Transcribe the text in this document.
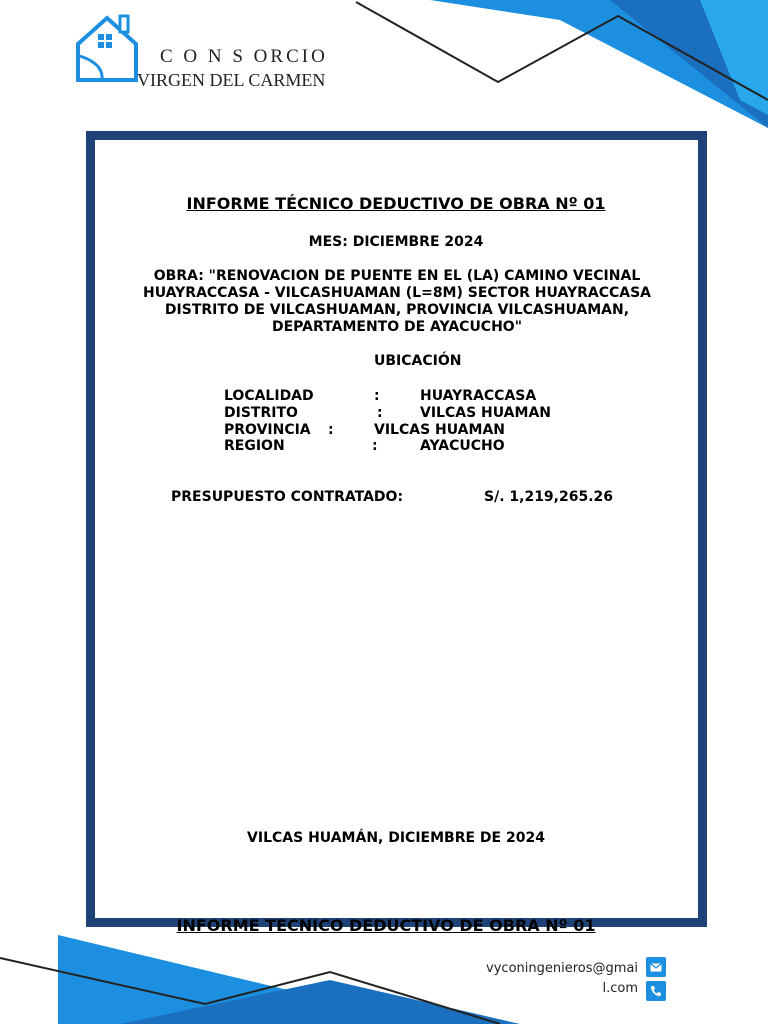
C O N S ORCIO
VIRGEN DEL CARMEN
INFORME TÉCNICO DEDUCTIVO DE OBRA Nº 01
MES: DICIEMBRE 2024
OBRA: "RENOVACION DE PUENTE EN EL (LA) CAMINO VECINAL HUAYRACCASA - VILCASHUAMAN (L=8M) SECTOR HUAYRACCASA DISTRITO DE VILCASHUAMAN, PROVINCIA VILCASHUAMAN, DEPARTAMENTO DE AYACUCHO"
UBICACIÓN
LOCALIDAD	:	HUAYRACCASA
DISTRITO	:	VILCAS HUAMAN
PROVINCIA :	VILCAS HUAMAN
REGION	:	AYACUCHO
PRESUPUESTO CONTRATADO:	S/. 1,219,265.26
VILCAS HUAMÁN, DICIEMBRE DE 2024
INFORME TECNICO DEDUCTIVO DE OBRA Nº 01
vyconingenieros@gmai
l.com
